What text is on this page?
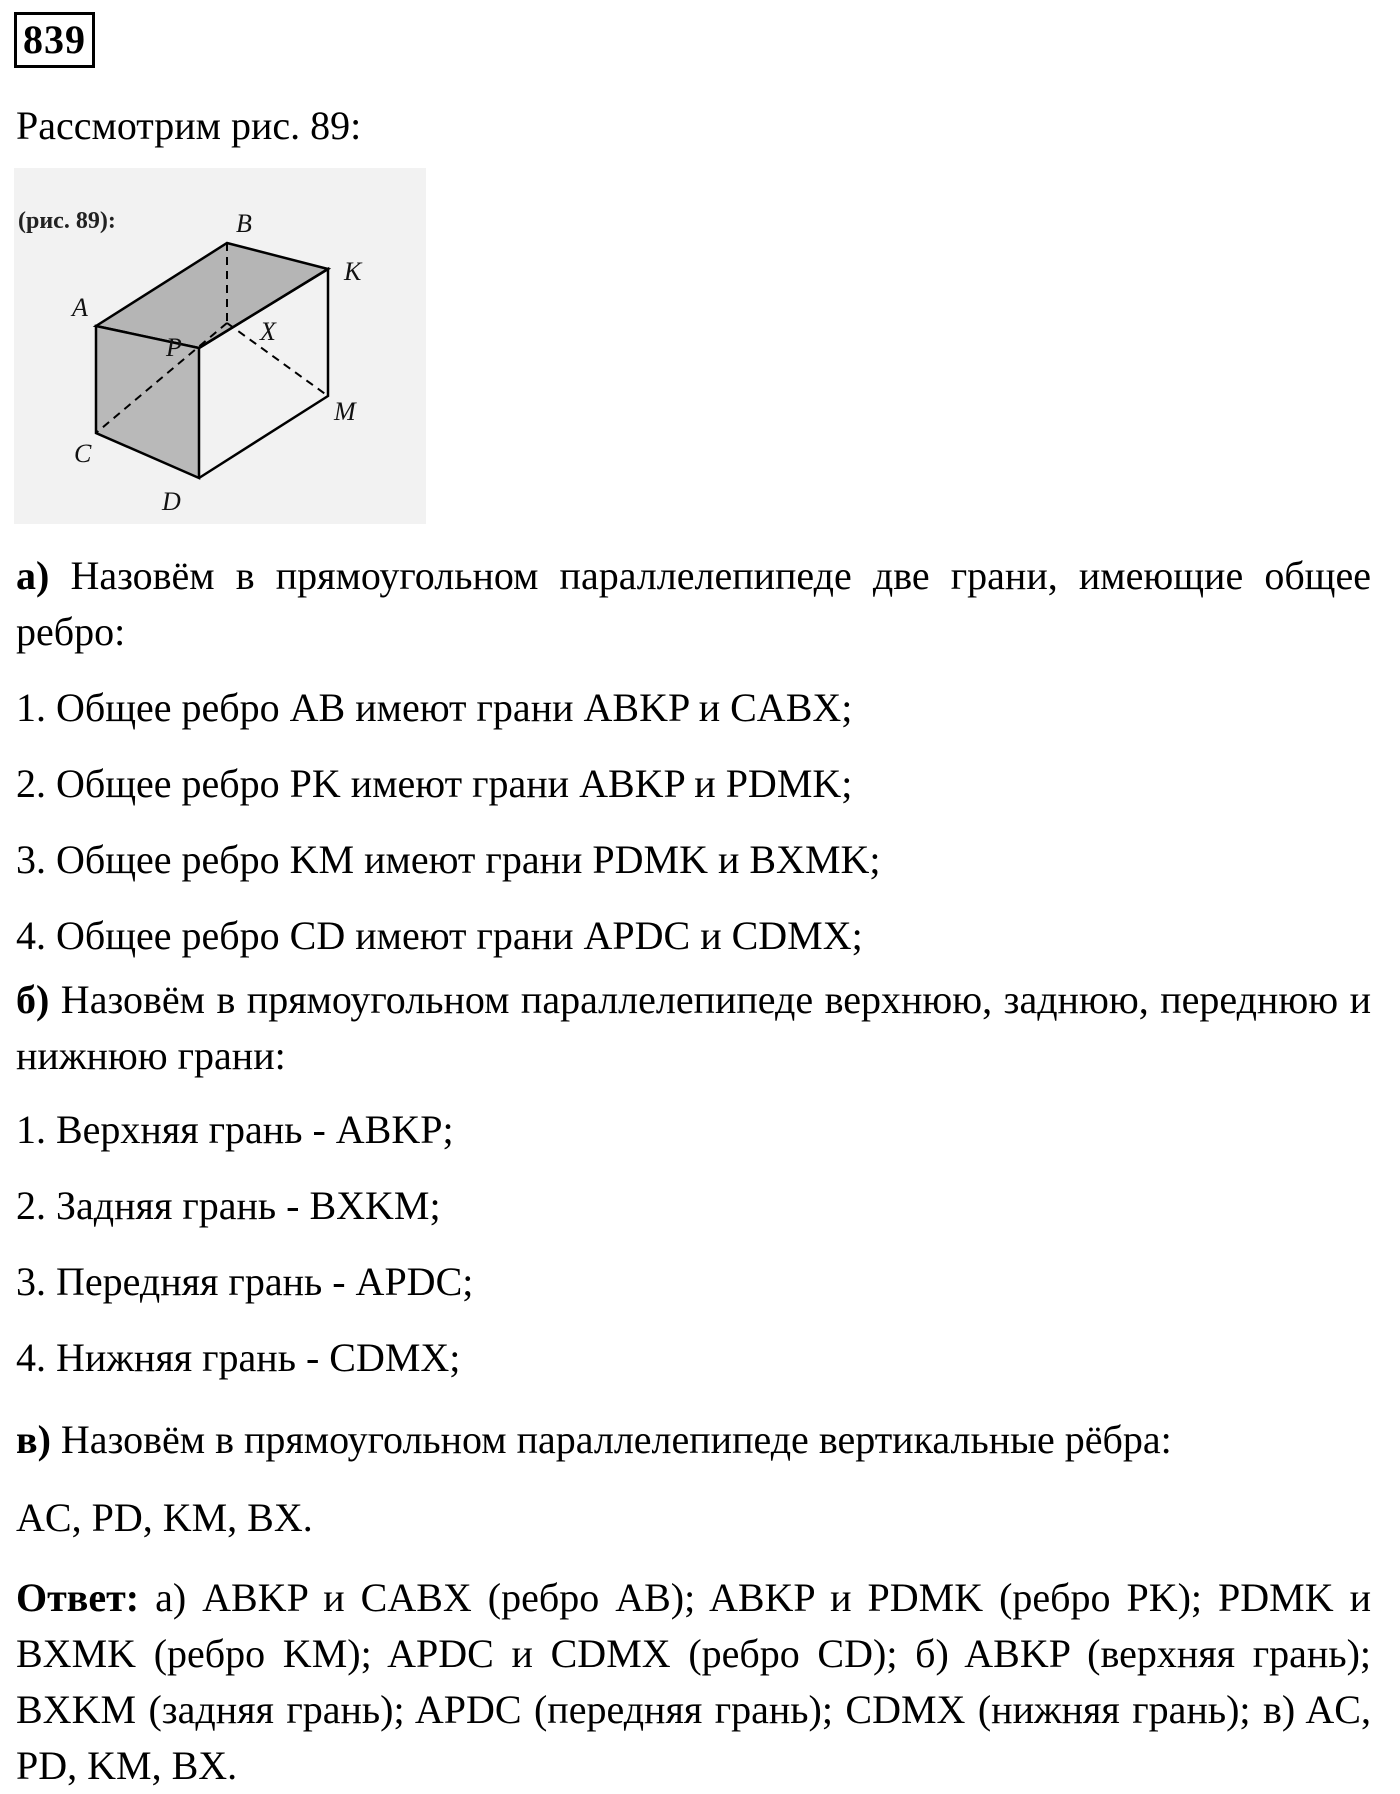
839
Рассмотрим рис. 89:
(рис. 89):	B
K
A
P
X
M
C
D
а) Назовём в прямоугольном параллелепипеде две грани, имеющие общее ребро:
1. Общее ребро AB имеют грани ABKP и CABX;
2. Общее ребро PK имеют грани ABKP и PDMK;
3. Общее ребро KM имеют грани PDMK и BXMK;
4. Общее ребро CD имеют грани APDC и CDMX;
б) Назовём в прямоугольном параллелепипеде верхнюю, заднюю, переднюю и нижнюю грани:
1. Верхняя грань - ABKP;
2. Задняя грань - BXKM;
3. Передняя грань - APDC;
4. Нижняя грань - CDMX;
в) Назовём в прямоугольном параллелепипеде вертикальные рёбра:
AC, PD, KM, BX.
Ответ: а) ABKP и CABX (ребро AB); ABKP и PDMK (ребро PK); PDMK и BXMK (ребро KM); APDC и CDMX (ребро CD); б) ABKP (верхняя грань); BXKM (задняя грань); APDC (передняя грань); CDMX (нижняя грань); в) AC, PD, KM, BX.
